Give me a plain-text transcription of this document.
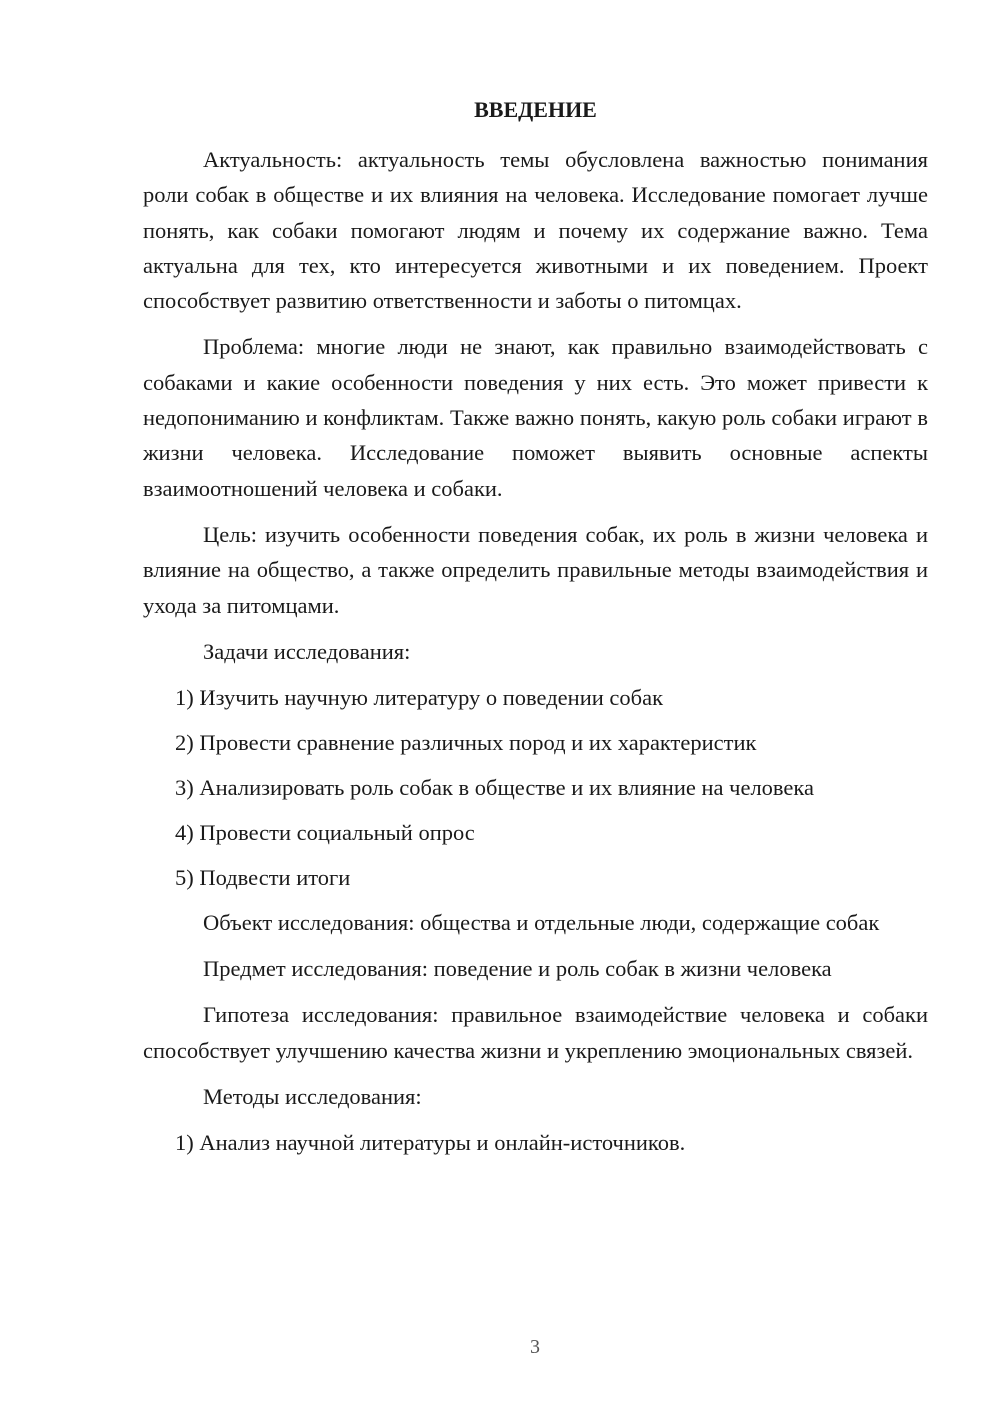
ВВЕДЕНИЕ

Актуальность: актуальность темы обусловлена важностью понимания роли собак в обществе и их влияния на человека. Исследование помогает лучше понять, как собаки помогают людям и почему их содержание важно. Тема актуальна для тех, кто интересуется животными и их поведением. Проект способствует развитию ответственности и заботы о питомцах.

Проблема: многие люди не знают, как правильно взаимодействовать с собаками и какие особенности поведения у них есть. Это может привести к недопониманию и конфликтам. Также важно понять, какую роль собаки играют в жизни человека. Исследование поможет выявить основные аспекты взаимоотношений человека и собаки.

Цель: изучить особенности поведения собак, их роль в жизни человека и влияние на общество, а также определить правильные методы взаимодействия и ухода за питомцами.

Задачи исследования:

1) Изучить научную литературу о поведении собак

2) Провести сравнение различных пород и их характеристик

3) Анализировать роль собак в обществе и их влияние на человека

4) Провести социальный опрос

5) Подвести итоги

Объект исследования: общества и отдельные люди, содержащие собак

Предмет исследования: поведение и роль собак в жизни человека

Гипотеза исследования: правильное взаимодействие человека и собаки способствует улучшению качества жизни и укреплению эмоциональных связей.

Методы исследования:

1) Анализ научной литературы и онлайн-источников.

3
